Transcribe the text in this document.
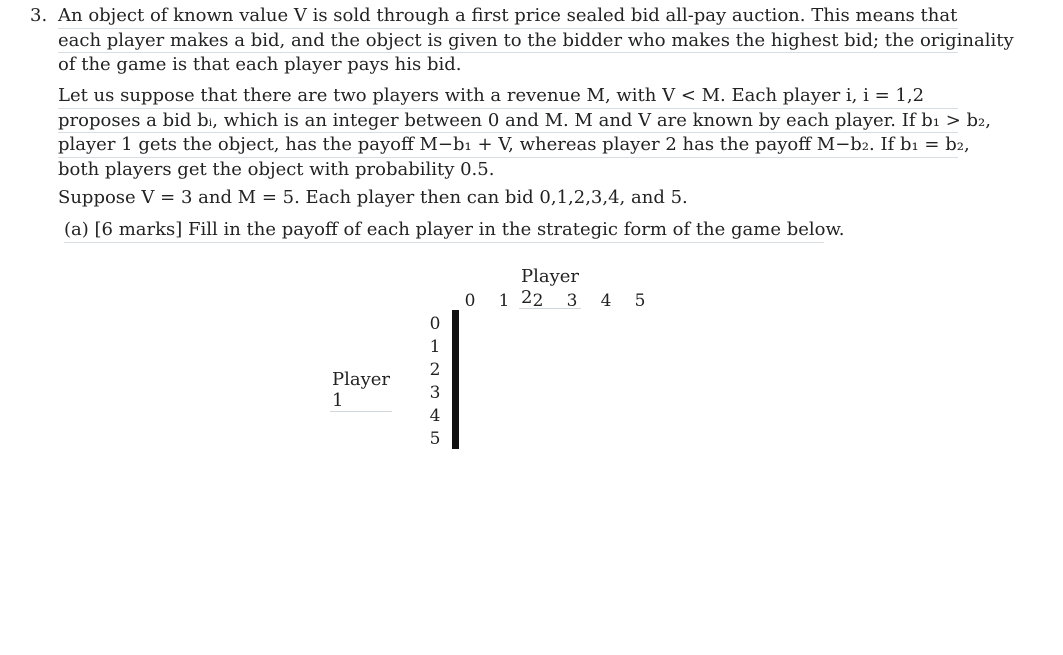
3. An object of known value V is sold through a first price sealed bid all-pay auction. This means that
each player makes a bid, and the object is given to the bidder who makes the highest bid; the originality
of the game is that each player pays his bid.
Let us suppose that there are two players with a revenue M, with V < M. Each player i, i = 1,2
proposes a bid bᵢ, which is an integer between 0 and M. M and V are known by each player. If b₁ > b₂,
player 1 gets the object, has the payoff M−b₁ + V, whereas player 2 has the payoff M−b₂. If b₁ = b₂,
both players get the object with probability 0.5.
Suppose V = 3 and M = 5. Each player then can bid 0,1,2,3,4, and 5.
(a) [6 marks] Fill in the payoff of each player in the strategic form of the game below.
Player 2
Player 1
0	1	2	3	4	5
0
1
2
3
4
5
